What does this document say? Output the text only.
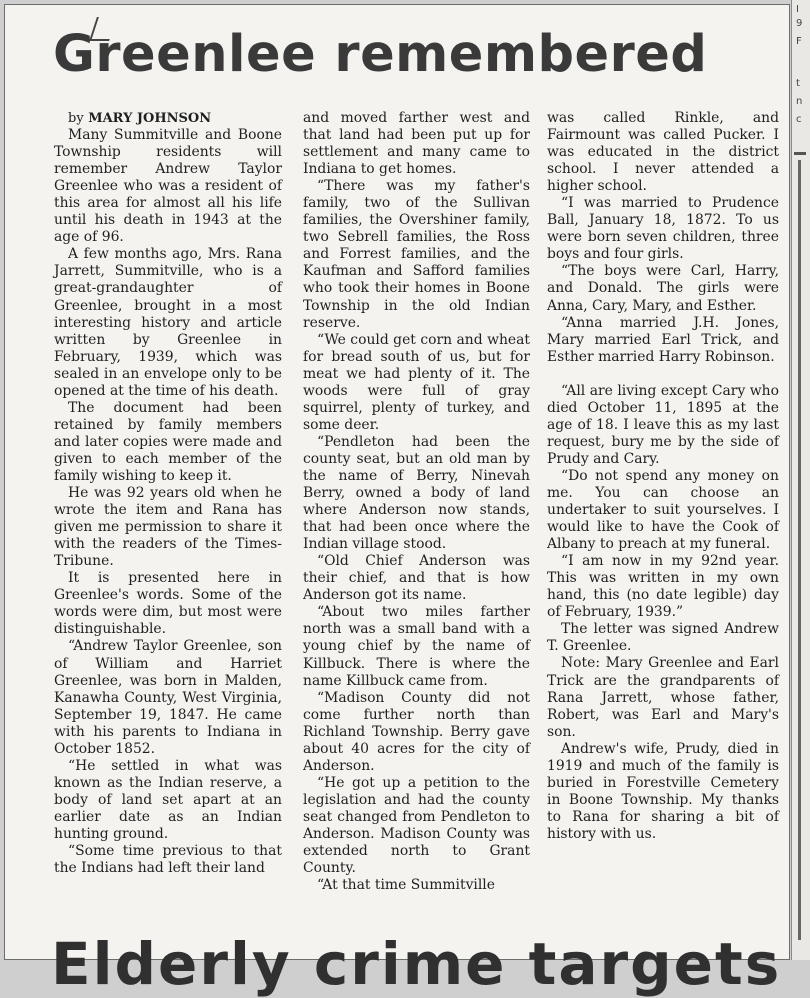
Greenlee remembered

by MARY JOHNSON

Many Summitville and Boone Township residents will remember Andrew Taylor Greenlee who was a resident of this area for almost all his life until his death in 1943 at the age of 96.

A few months ago, Mrs. Rana Jarrett, Summitville, who is a great-grandaughter of Greenlee, brought in a most interesting history and article written by Greenlee in February, 1939, which was sealed in an envelope only to be opened at the time of his death.

The document had been retained by family members and later copies were made and given to each member of the family wishing to keep it.

He was 92 years old when he wrote the item and Rana has given me permission to share it with the readers of the Times-Tribune.

It is presented here in Greenlee's words. Some of the words were dim, but most were distinguishable.

“Andrew Taylor Greenlee, son of William and Harriet Greenlee, was born in Malden, Kanawha County, West Virginia, September 19, 1847. He came with his parents to Indiana in October 1852.

“He settled in what was known as the Indian reserve, a body of land set apart at an earlier date as an Indian hunting ground.

“Some time previous to that the Indians had left their land

and moved farther west and that land had been put up for settlement and many came to Indiana to get homes.

“There was my father's family, two of the Sullivan families, the Overshiner family, two Sebrell families, the Ross and Forrest families, and the Kaufman and Safford families who took their homes in Boone Township in the old Indian reserve.

“We could get corn and wheat for bread south of us, but for meat we had plenty of it. The woods were full of gray squirrel, plenty of turkey, and some deer.

“Pendleton had been the county seat, but an old man by the name of Berry, Ninevah Berry, owned a body of land where Anderson now stands, that had been once where the Indian village stood.

“Old Chief Anderson was their chief, and that is how Anderson got its name.

“About two miles farther north was a small band with a young chief by the name of Killbuck. There is where the name Killbuck came from.

“Madison County did not come further north than Richland Township. Berry gave about 40 acres for the city of Anderson.

“He got up a petition to the legislation and had the county seat changed from Pendleton to Anderson. Madison County was extended north to Grant County.

“At that time Summitville

was called Rinkle, and Fairmount was called Pucker. I was educated in the district school. I never attended a higher school.

“I was married to Prudence Ball, January 18, 1872. To us were born seven children, three boys and four girls.

“The boys were Carl, Harry, and Donald. The girls were Anna, Cary, Mary, and Esther.

“Anna married J.H. Jones, Mary married Earl Trick, and Esther married Harry Robinson.

“All are living except Cary who died October 11, 1895 at the age of 18. I leave this as my last request, bury me by the side of Prudy and Cary.

“Do not spend any money on me. You can choose an undertaker to suit yourselves. I would like to have the Cook of Albany to preach at my funeral.

“I am now in my 92nd year. This was written in my own hand, this (no date legible) day of February, 1939.”

The letter was signed Andrew T. Greenlee.

Note: Mary Greenlee and Earl Trick are the grandparents of Rana Jarrett, whose father, Robert, was Earl and Mary's son.

Andrew's wife, Prudy, died in 1919 and much of the family is buried in Forestville Cemetery in Boone Township. My thanks to Rana for sharing a bit of history with us.

Elderly crime targets
I
9
F
t
n
c
